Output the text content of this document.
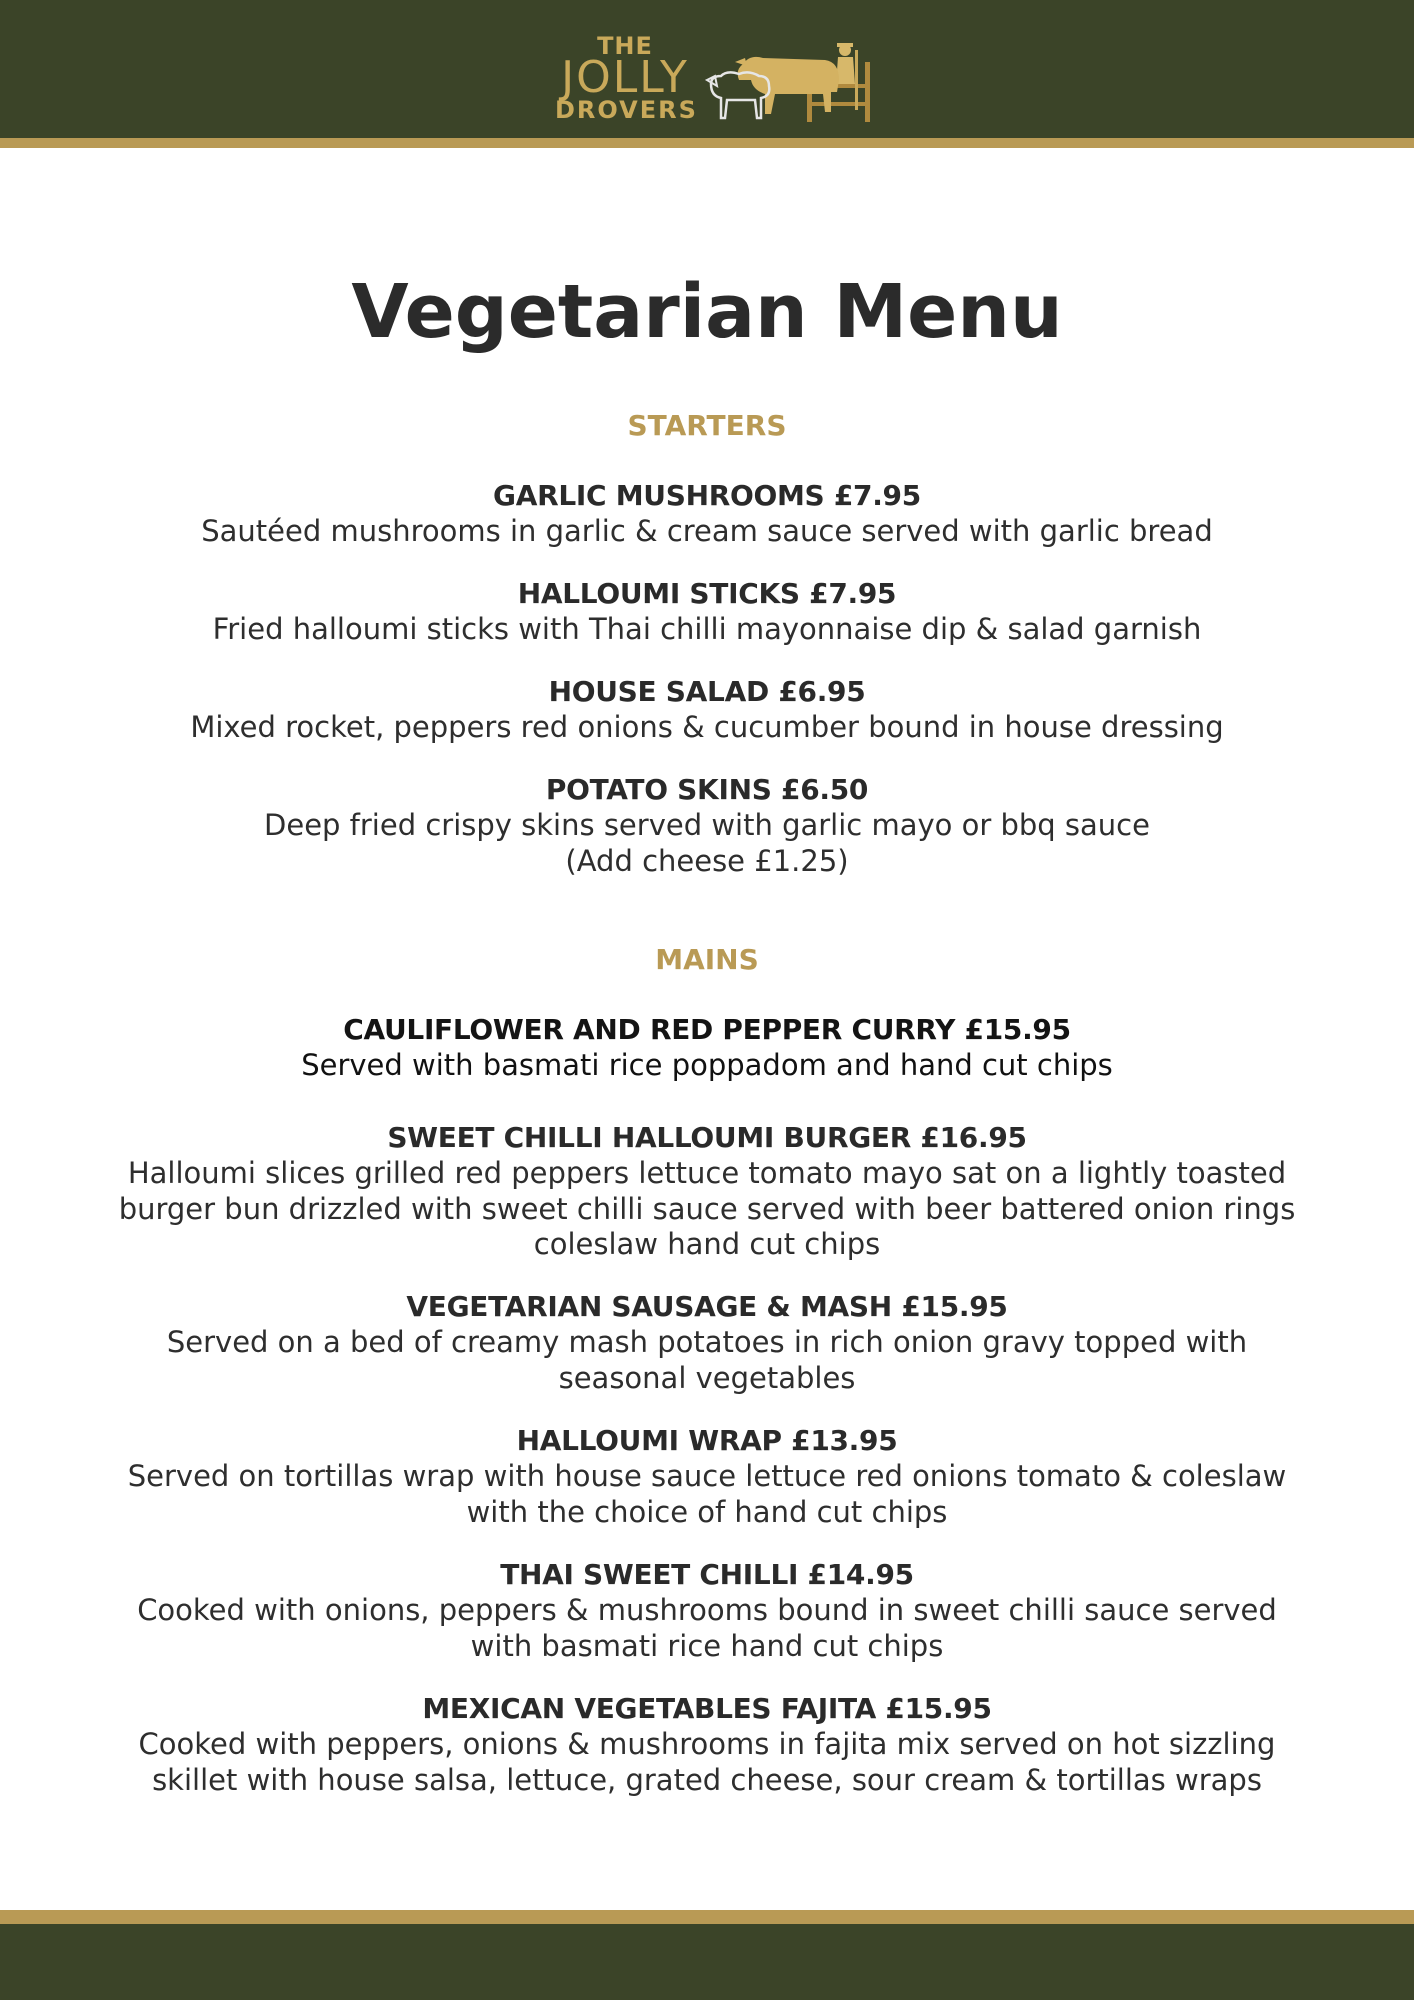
THE
JOLLY
DROVERS
Vegetarian Menu
STARTERS
GARLIC MUSHROOMS £7.95
Sautéed mushrooms in garlic & cream sauce served with garlic bread
HALLOUMI STICKS £7.95
Fried halloumi sticks with Thai chilli mayonnaise dip & salad garnish
HOUSE SALAD £6.95
Mixed rocket, peppers red onions & cucumber bound in house dressing
POTATO SKINS £6.50
Deep fried crispy skins served with garlic mayo or bbq sauce
(Add cheese £1.25)
MAINS
CAULIFLOWER AND RED PEPPER CURRY £15.95
Served with basmati rice poppadom and hand cut chips
SWEET CHILLI HALLOUMI BURGER £16.95
Halloumi slices grilled red peppers lettuce tomato mayo sat on a lightly toasted
burger bun drizzled with sweet chilli sauce served with beer battered onion rings
coleslaw hand cut chips
VEGETARIAN SAUSAGE & MASH £15.95
Served on a bed of creamy mash potatoes in rich onion gravy topped with
seasonal vegetables
HALLOUMI WRAP £13.95
Served on tortillas wrap with house sauce lettuce red onions tomato & coleslaw
with the choice of hand cut chips
THAI SWEET CHILLI £14.95
Cooked with onions, peppers & mushrooms bound in sweet chilli sauce served
with basmati rice hand cut chips
MEXICAN VEGETABLES FAJITA £15.95
Cooked with peppers, onions & mushrooms in fajita mix served on hot sizzling
skillet with house salsa, lettuce, grated cheese, sour cream & tortillas wraps
